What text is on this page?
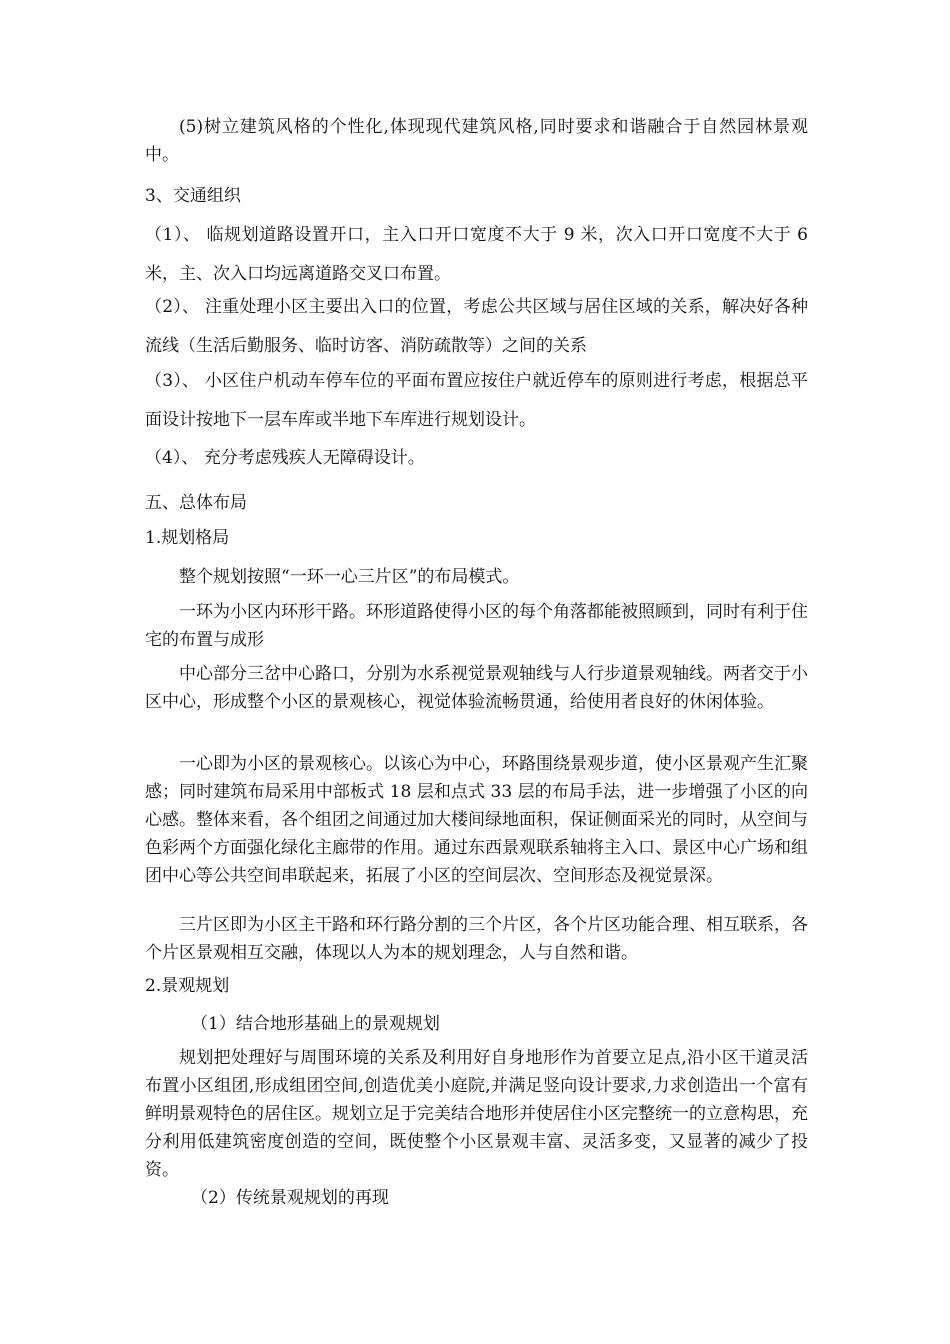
(5)树立建筑风格的个性化,体现现代建筑风格,同时要求和谐融合于自然园林景观中。

3、交通组织

（1）、 临规划道路设置开口，主入口开口宽度不大于 9 米，次入口开口宽度不大于 6 米，主、次入口均远离道路交叉口布置。

（2）、 注重处理小区主要出入口的位置，考虑公共区域与居住区域的关系，解决好各种流线（生活后勤服务、临时访客、消防疏散等）之间的关系

（3）、 小区住户机动车停车位的平面布置应按住户就近停车的原则进行考虑，根据总平面设计按地下一层车库或半地下车库进行规划设计。

（4）、 充分考虑残疾人无障碍设计。

五、总体布局

1.规划格局

整个规划按照“一环一心三片区”的布局模式。

一环为小区内环形干路。环形道路使得小区的每个角落都能被照顾到，同时有利于住宅的布置与成形

中心部分三岔中心路口，分别为水系视觉景观轴线与人行步道景观轴线。两者交于小区中心，形成整个小区的景观核心，视觉体验流畅贯通，给使用者良好的休闲体验。

一心即为小区的景观核心。以该心为中心，环路围绕景观步道，使小区景观产生汇聚感；同时建筑布局采用中部板式 18 层和点式 33 层的布局手法，进一步增强了小区的向心感。整体来看，各个组团之间通过加大楼间绿地面积，保证侧面采光的同时，从空间与色彩两个方面强化绿化主廊带的作用。通过东西景观联系轴将主入口、景区中心广场和组团中心等公共空间串联起来，拓展了小区的空间层次、空间形态及视觉景深。

三片区即为小区主干路和环行路分割的三个片区，各个片区功能合理、相互联系，各个片区景观相互交融，体现以人为本的规划理念，人与自然和谐。

2.景观规划

（1）结合地形基础上的景观规划

规划把处理好与周围环境的关系及利用好自身地形作为首要立足点,沿小区干道灵活布置小区组团,形成组团空间,创造优美小庭院,并满足竖向设计要求,力求创造出一个富有鲜明景观特色的居住区。规划立足于完美结合地形并使居住小区完整统一的立意构思，充分利用低建筑密度创造的空间，既使整个小区景观丰富、灵活多变，又显著的减少了投资。

（2）传统景观规划的再现
